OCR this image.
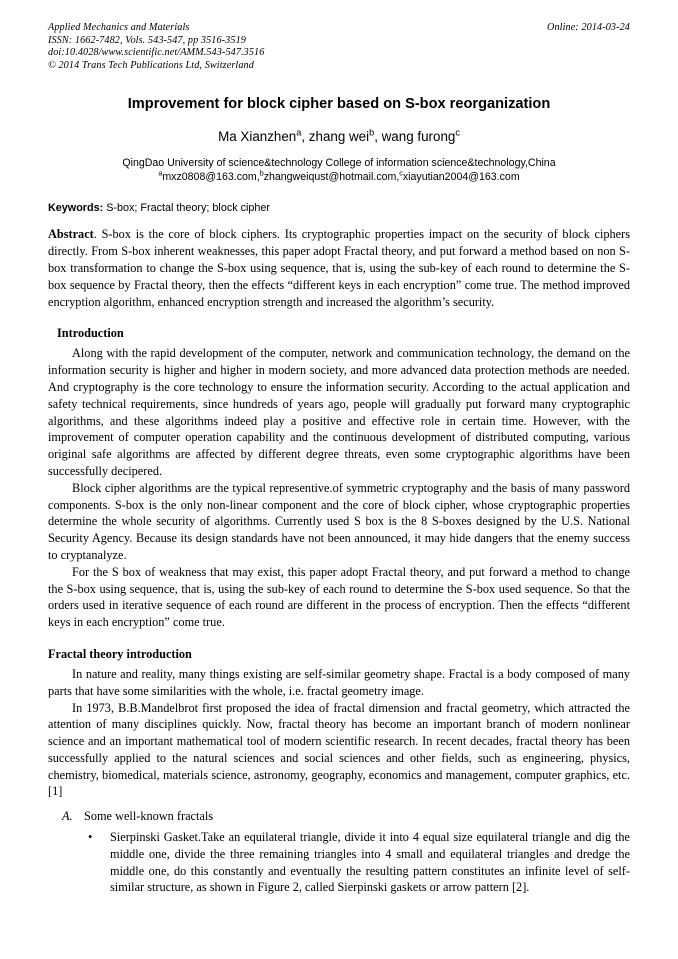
Applied Mechanics and Materials
ISSN: 1662-7482, Vols. 543-547, pp 3516-3519
doi:10.4028/www.scientific.net/AMM.543-547.3516
© 2014 Trans Tech Publications Ltd, Switzerland
Online: 2014-03-24
Improvement for block cipher based on S-box reorganization
Ma Xianzhen$^a$, zhang wei$^b$, wang furong$^c$
QingDao University of science&technology College of information science&technology,China
$^a$mxz0808@163.com,$^b$zhangweiqust@hotmail.com,$^c$xiayutian2004@163.com
Keywords: S-box; Fractal theory; block cipher
Abstract. S-box is the core of block ciphers. Its cryptographic properties impact on the security of block ciphers directly. From S-box inherent weaknesses, this paper adopt Fractal theory, and put forward a method based on non S-box transformation to change the S-box using sequence, that is, using the sub-key of each round to determine the S-box sequence by Fractal theory, then the effects “different keys in each encryption” come true. The method improved encryption algorithm, enhanced encryption strength and increased the algorithm’s security.
Introduction
Along with the rapid development of the computer, network and communication technology, the demand on the information security is higher and higher in modern society, and more advanced data protection methods are needed. And cryptography is the core technology to ensure the information security. According to the actual application and safety technical requirements, since hundreds of years ago, people will gradually put forward many cryptographic algorithms, and these algorithms indeed play a positive and effective role in certain time. However, with the improvement of computer operation capability and the continuous development of distributed computing, various original safe algorithms are affected by different degree threats, even some cryptographic algorithms have been successfully decipered.
Block cipher algorithms are the typical representive.of symmetric cryptography and the basis of many password components. S-box is the only non-linear component and the core of block cipher, whose cryptographic properties determine the whole security of algorithms. Currently used S box is the 8 S-boxes designed by the U.S. National Security Agency. Because its design standards have not been announced, it may hide dangers that the enemy success to cryptanalyze.
For the S box of weakness that may exist, this paper adopt Fractal theory, and put forward a method to change the S-box using sequence, that is, using the sub-key of each round to determine the S-box used sequence. So that the orders used in iterative sequence of each round are different in the process of encryption. Then the effects “different keys in each encryption” come true.
Fractal theory introduction
In nature and reality, many things existing are self-similar geometry shape. Fractal is a body composed of many parts that have some similarities with the whole, i.e. fractal geometry image.
In 1973, B.B.Mandelbrot first proposed the idea of fractal dimension and fractal geometry, which attracted the attention of many disciplines quickly. Now, fractal theory has become an important branch of modern nonlinear science and an important mathematical tool of modern scientific research. In recent decades, fractal theory has been successfully applied to the natural sciences and social sciences and other fields, such as engineering, physics, chemistry, biomedical, materials science, astronomy, geography, economics and management, computer graphics, etc. [1]
A. Some well-known fractals
• Sierpinski Gasket.Take an equilateral triangle, divide it into 4 equal size equilateral triangle and dig the middle one, divide the three remaining triangles into 4 small and equilateral triangles and dredge the middle one, do this constantly and eventually the resulting pattern constitutes an infinite level of self-similar structure, as shown in Figure 2, called Sierpinski gaskets or arrow pattern [2].
